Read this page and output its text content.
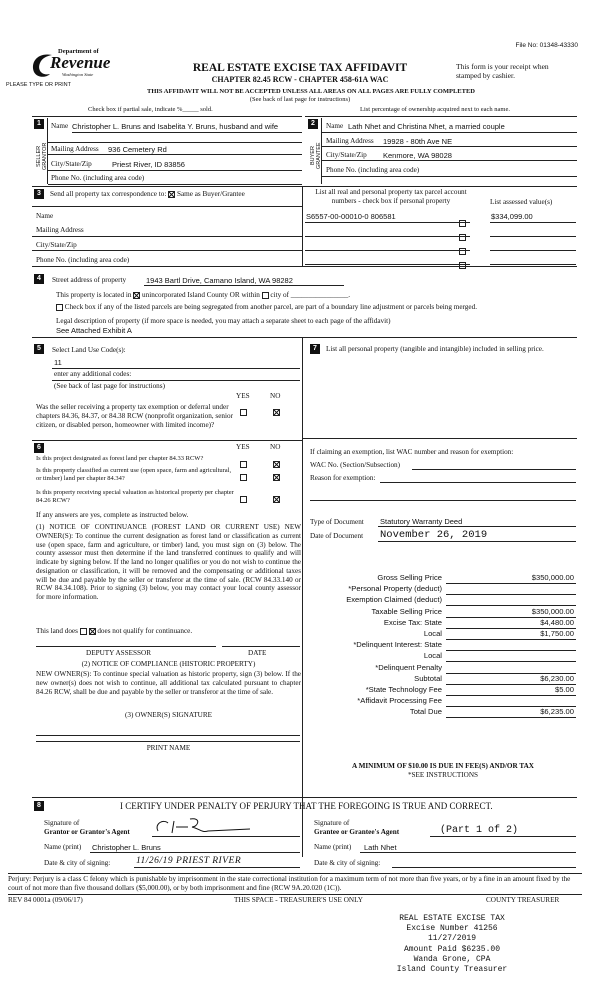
File No: 01348-43330
Department of
Revenue
Washington State
PLEASE TYPE OR PRINT
REAL ESTATE EXCISE TAX AFFIDAVIT
CHAPTER 82.45 RCW - CHAPTER 458-61A WAC
This form is your receipt when stamped by cashier.
THIS AFFIDAVIT WILL NOT BE ACCEPTED UNLESS ALL AREAS ON ALL PAGES ARE FULLY COMPLETED
(See back of last page for instructions)
Check box if partial sale, indicate %_____ sold.	List percentage of ownership acquired next to each name.
1	2
SELLER GRANTOR	BUYER GRANTEE
Name Christopher L. Bruns and Isabelita Y. Bruns, husband and wife
Mailing Address 936 Cemetery Rd
City/State/Zip	Priest River, ID 83856
Phone No. (including area code)
Name Lath Nhet and Christina Nhet, a married couple
Mailing Address 19928 - 80th Ave NE
City/State/Zip Kenmore, WA 98028
Phone No. (including area code)
3	Send all property tax correspondence to: Same as Buyer/Grantee	List all real and personal property tax parcel account numbers - check box if personal property	List assessed value(s)
Name
Mailing Address
City/State/Zip
Phone No. (including area code)
S6557-00-00010-0 806581	$334,099.00
4	Street address of property	1943 Bartl Drive, Camano Island, WA 98282
This property is located in unincorporated Island County OR within city of ________________.
Check box if any of the listed parcels are being segregated from another parcel, are part of a boundary line adjustment or parcels being merged.
Legal description of property (if more space is needed, you may attach a separate sheet to each page of the affidavit)
See Attached Exhibit A
5	Select Land Use Code(s):
11
enter any additional codes:
(See back of last page for instructions)
YES	NO
Was the seller receiving a property tax exemption or deferral under chapters 84.36, 84.37, or 84.38 RCW (nonprofit organization, senior citizen, or disabled person, homeowner with limited income)?
6	YES	NO
Is this project designated as forest land per chapter 84.33 RCW?
Is this property classified as current use (open space, farm and agricultural, or timber) land per chapter 84.34?
Is this property receiving special valuation as historical property per chapter 84.26 RCW?
If any answers are yes, complete as instructed below.
(1) NOTICE OF CONTINUANCE (FOREST LAND OR CURRENT USE) NEW OWNER(S): To continue the current designation as forest land or classification as current use (open space, farm and agriculture, or timber) land, you must sign on (3) below. The county assessor must then determine if the land transferred continues to qualify and will indicate by signing below. If the land no longer qualifies or you do not wish to continue the designation or classification, it will be removed and the compensating or additional taxes will be due and payable by the seller or transferor at the time of sale. (RCW 84.33.140 or RCW 84.34.108). Prior to signing (3) below, you may contact your local county assessor for more information.
This land does	does not qualify for continuance.
DEPUTY ASSESSOR	DATE
(2) NOTICE OF COMPLIANCE (HISTORIC PROPERTY)
NEW OWNER(S): To continue special valuation as historic property, sign (3) below. If the new owner(s) does not wish to continue, all additional tax calculated pursuant to chapter 84.26 RCW, shall be due and payable by the seller or transferor at the time of sale.
(3) OWNER(S) SIGNATURE
PRINT NAME
7	List all personal property (tangible and intangible) included in selling price.
If claiming an exemption, list WAC number and reason for exemption:
WAC No. (Section/Subsection)
Reason for exemption:
Type of Document Statutory Warranty Deed
Date of Document November 26, 2019
Gross Selling Price	$350,000.00
*Personal Property (deduct)
Exemption Claimed (deduct)
Taxable Selling Price	$350,000.00
Excise Tax: State	$4,480.00
Local	$1,750.00
*Delinquent Interest: State
Local
*Delinquent Penalty
Subtotal	$6,230.00
*State Technology Fee	$5.00
*Affidavit Processing Fee
Total Due	$6,235.00
A MINIMUM OF $10.00 IS DUE IN FEE(S) AND/OR TAX
*SEE INSTRUCTIONS
8	I CERTIFY UNDER PENALTY OF PERJURY THAT THE FOREGOING IS TRUE AND CORRECT.
Signature of
Grantor or Grantor's Agent
Name (print) Christopher L. Bruns
Date & city of signing:	11/26/19 PRIEST RIVER
Signature of
Grantee or Grantee's Agent	(Part 1 of 2)
Name (print) Lath Nhet
Date & city of signing:
Perjury: Perjury is a class C felony which is punishable by imprisonment in the state correctional institution for a maximum term of not more than five years, or by a fine in an amount fixed by the court of not more than five thousand dollars ($5,000.00), or by both imprisonment and fine (RCW 9A.20.020 (1C)).
REV 84 0001a (09/06/17)	THIS SPACE - TREASURER'S USE ONLY	COUNTY TREASURER
REAL ESTATE EXCISE TAX
Excise Number 41256
11/27/2019
Amount Paid $6235.00
Wanda Grone, CPA
Island County Treasurer
